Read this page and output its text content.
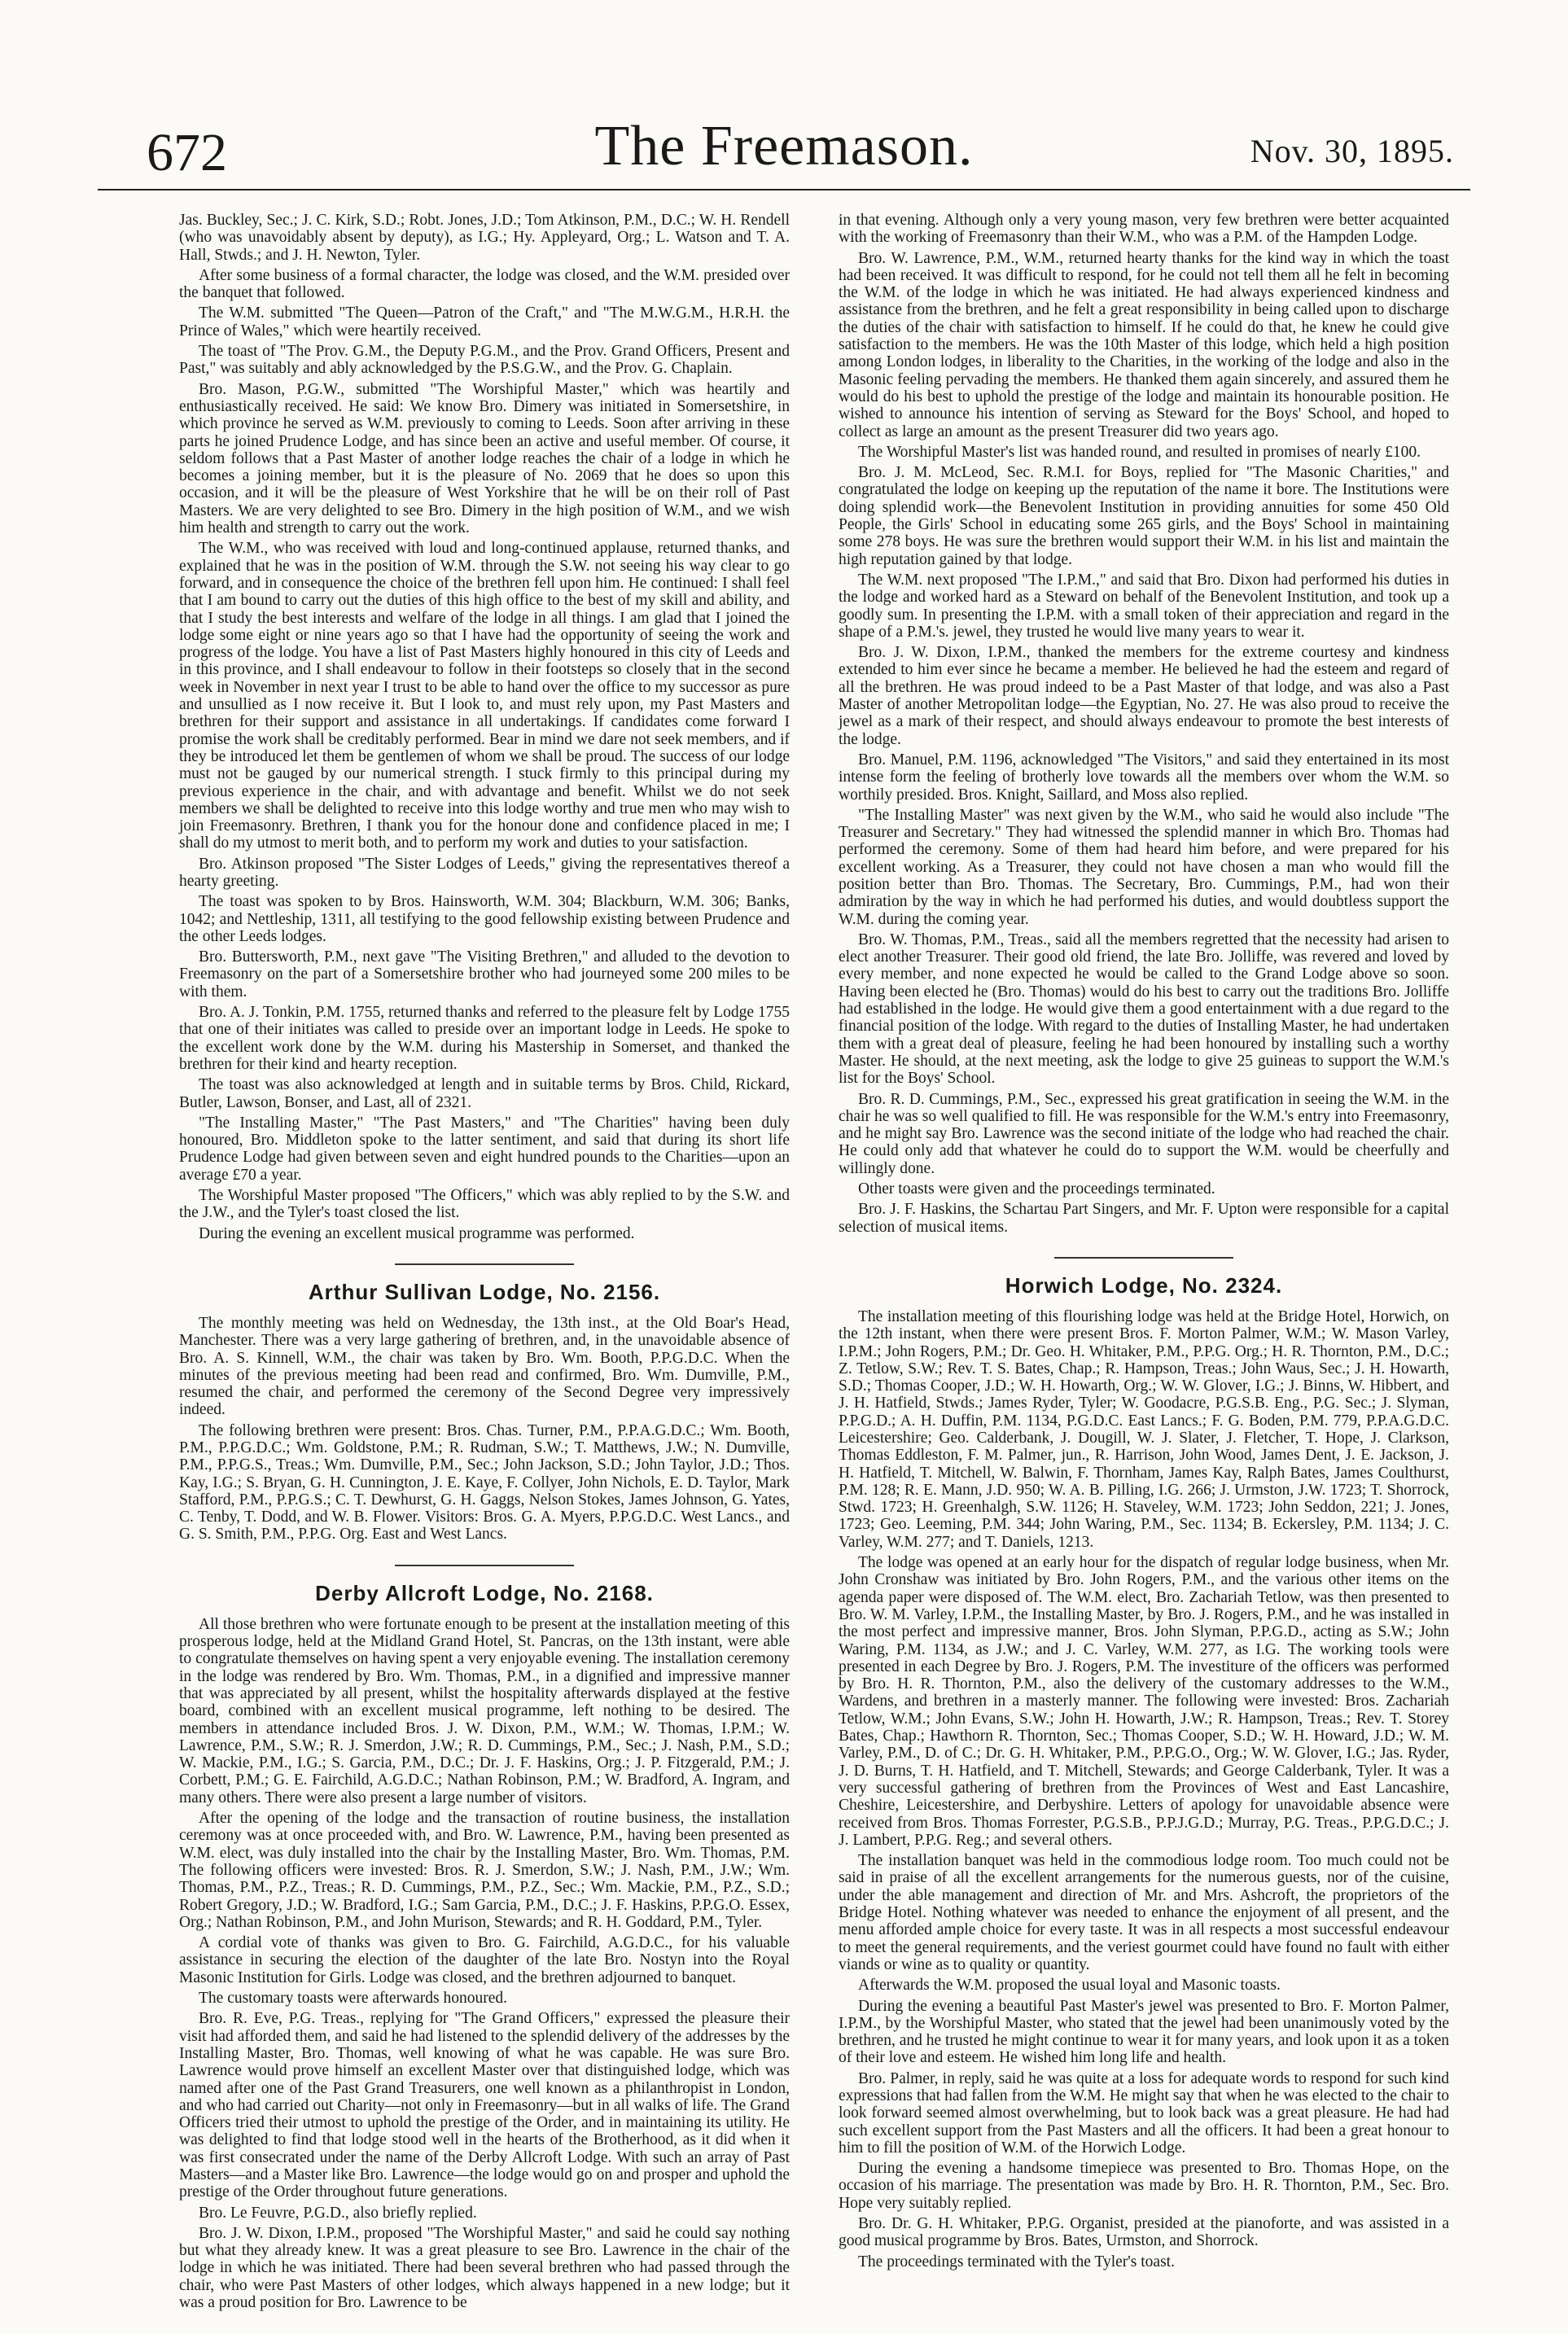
672	The Freemason.	Nov. 30, 1895.

Jas. Buckley, Sec.; J. C. Kirk, S.D.; Robt. Jones, J.D.; Tom Atkinson, P.M., D.C.; W. H. Rendell (who was unavoidably absent by deputy), as I.G.; Hy. Appleyard, Org.; L. Watson and T. A. Hall, Stwds.; and J. H. Newton, Tyler.

After some business of a formal character, the lodge was closed, and the W.M. presided over the banquet that followed.

The W.M. submitted "The Queen—Patron of the Craft," and "The M.W.G.M., H.R.H. the Prince of Wales," which were heartily received.

The toast of "The Prov. G.M., the Deputy P.G.M., and the Prov. Grand Officers, Present and Past," was suitably and ably acknowledged by the P.S.G.W., and the Prov. G. Chaplain.

Bro. Mason, P.G.W., submitted "The Worshipful Master," which was heartily and enthusiastically received. He said: We know Bro. Dimery was initiated in Somersetshire, in which province he served as W.M. previously to coming to Leeds. Soon after arriving in these parts he joined Prudence Lodge, and has since been an active and useful member. Of course, it seldom follows that a Past Master of another lodge reaches the chair of a lodge in which he becomes a joining member, but it is the pleasure of No. 2069 that he does so upon this occasion, and it will be the pleasure of West Yorkshire that he will be on their roll of Past Masters. We are very delighted to see Bro. Dimery in the high position of W.M., and we wish him health and strength to carry out the work.

The W.M., who was received with loud and long-continued applause, returned thanks, and explained that he was in the position of W.M. through the S.W. not seeing his way clear to go forward, and in consequence the choice of the brethren fell upon him. He continued: I shall feel that I am bound to carry out the duties of this high office to the best of my skill and ability, and that I study the best interests and welfare of the lodge in all things. I am glad that I joined the lodge some eight or nine years ago so that I have had the opportunity of seeing the work and progress of the lodge. You have a list of Past Masters highly honoured in this city of Leeds and in this province, and I shall endeavour to follow in their footsteps so closely that in the second week in November in next year I trust to be able to hand over the office to my successor as pure and unsullied as I now receive it. But I look to, and must rely upon, my Past Masters and brethren for their support and assistance in all undertakings. If candidates come forward I promise the work shall be creditably performed. Bear in mind we dare not seek members, and if they be introduced let them be gentlemen of whom we shall be proud. The success of our lodge must not be gauged by our numerical strength. I stuck firmly to this principal during my previous experience in the chair, and with advantage and benefit. Whilst we do not seek members we shall be delighted to receive into this lodge worthy and true men who may wish to join Freemasonry. Brethren, I thank you for the honour done and confidence placed in me; I shall do my utmost to merit both, and to perform my work and duties to your satisfaction.

Bro. Atkinson proposed "The Sister Lodges of Leeds," giving the representatives thereof a hearty greeting.

The toast was spoken to by Bros. Hainsworth, W.M. 304; Blackburn, W.M. 306; Banks, 1042; and Nettleship, 1311, all testifying to the good fellowship existing between Prudence and the other Leeds lodges.

Bro. Buttersworth, P.M., next gave "The Visiting Brethren," and alluded to the devotion to Freemasonry on the part of a Somersetshire brother who had journeyed some 200 miles to be with them.

Bro. A. J. Tonkin, P.M. 1755, returned thanks and referred to the pleasure felt by Lodge 1755 that one of their initiates was called to preside over an important lodge in Leeds. He spoke to the excellent work done by the W.M. during his Mastership in Somerset, and thanked the brethren for their kind and hearty reception.

The toast was also acknowledged at length and in suitable terms by Bros. Child, Rickard, Butler, Lawson, Bonser, and Last, all of 2321.

"The Installing Master," "The Past Masters," and "The Charities" having been duly honoured, Bro. Middleton spoke to the latter sentiment, and said that during its short life Prudence Lodge had given between seven and eight hundred pounds to the Charities—upon an average £70 a year.

The Worshipful Master proposed "The Officers," which was ably replied to by the S.W. and the J.W., and the Tyler's toast closed the list.

During the evening an excellent musical programme was performed.

Arthur Sullivan Lodge, No. 2156.

The monthly meeting was held on Wednesday, the 13th inst., at the Old Boar's Head, Manchester. There was a very large gathering of brethren, and, in the unavoidable absence of Bro. A. S. Kinnell, W.M., the chair was taken by Bro. Wm. Booth, P.P.G.D.C. When the minutes of the previous meeting had been read and confirmed, Bro. Wm. Dumville, P.M., resumed the chair, and performed the ceremony of the Second Degree very impressively indeed.

The following brethren were present: Bros. Chas. Turner, P.M., P.P.A.G.D.C.; Wm. Booth, P.M., P.P.G.D.C.; Wm. Goldstone, P.M.; R. Rudman, S.W.; T. Matthews, J.W.; N. Dumville, P.M., P.P.G.S., Treas.; Wm. Dumville, P.M., Sec.; John Jackson, S.D.; John Taylor, J.D.; Thos. Kay, I.G.; S. Bryan, G. H. Cunnington, J. E. Kaye, F. Collyer, John Nichols, E. D. Taylor, Mark Stafford, P.M., P.P.G.S.; C. T. Dewhurst, G. H. Gaggs, Nelson Stokes, James Johnson, G. Yates, C. Tenby, T. Dodd, and W. B. Flower. Visitors: Bros. G. A. Myers, P.P.G.D.C. West Lancs., and G. S. Smith, P.M., P.P.G. Org. East and West Lancs.

Derby Allcroft Lodge, No. 2168.

All those brethren who were fortunate enough to be present at the installation meeting of this prosperous lodge, held at the Midland Grand Hotel, St. Pancras, on the 13th instant, were able to congratulate themselves on having spent a very enjoyable evening. The installation ceremony in the lodge was rendered by Bro. Wm. Thomas, P.M., in a dignified and impressive manner that was appreciated by all present, whilst the hospitality afterwards displayed at the festive board, combined with an excellent musical programme, left nothing to be desired. The members in attendance included Bros. J. W. Dixon, P.M., W.M.; W. Thomas, I.P.M.; W. Lawrence, P.M., S.W.; R. J. Smerdon, J.W.; R. D. Cummings, P.M., Sec.; J. Nash, P.M., S.D.; W. Mackie, P.M., I.G.; S. Garcia, P.M., D.C.; Dr. J. F. Haskins, Org.; J. P. Fitzgerald, P.M.; J. Corbett, P.M.; G. E. Fairchild, A.G.D.C.; Nathan Robinson, P.M.; W. Bradford, A. Ingram, and many others. There were also present a large number of visitors.

After the opening of the lodge and the transaction of routine business, the installation ceremony was at once proceeded with, and Bro. W. Lawrence, P.M., having been presented as W.M. elect, was duly installed into the chair by the Installing Master, Bro. Wm. Thomas, P.M. The following officers were invested: Bros. R. J. Smerdon, S.W.; J. Nash, P.M., J.W.; Wm. Thomas, P.M., P.Z., Treas.; R. D. Cummings, P.M., P.Z., Sec.; Wm. Mackie, P.M., P.Z., S.D.; Robert Gregory, J.D.; W. Bradford, I.G.; Sam Garcia, P.M., D.C.; J. F. Haskins, P.P.G.O. Essex, Org.; Nathan Robinson, P.M., and John Murison, Stewards; and R. H. Goddard, P.M., Tyler.

A cordial vote of thanks was given to Bro. G. Fairchild, A.G.D.C., for his valuable assistance in securing the election of the daughter of the late Bro. Nostyn into the Royal Masonic Institution for Girls. Lodge was closed, and the brethren adjourned to banquet.

The customary toasts were afterwards honoured.

Bro. R. Eve, P.G. Treas., replying for "The Grand Officers," expressed the pleasure their visit had afforded them, and said he had listened to the splendid delivery of the addresses by the Installing Master, Bro. Thomas, well knowing of what he was capable. He was sure Bro. Lawrence would prove himself an excellent Master over that distinguished lodge, which was named after one of the Past Grand Treasurers, one well known as a philanthropist in London, and who had carried out Charity—not only in Freemasonry—but in all walks of life. The Grand Officers tried their utmost to uphold the prestige of the Order, and in maintaining its utility. He was delighted to find that lodge stood well in the hearts of the Brotherhood, as it did when it was first consecrated under the name of the Derby Allcroft Lodge. With such an array of Past Masters—and a Master like Bro. Lawrence—the lodge would go on and prosper and uphold the prestige of the Order throughout future generations.

Bro. Le Feuvre, P.G.D., also briefly replied.

Bro. J. W. Dixon, I.P.M., proposed "The Worshipful Master," and said he could say nothing but what they already knew. It was a great pleasure to see Bro. Lawrence in the chair of the lodge in which he was initiated. There had been several brethren who had passed through the chair, who were Past Masters of other lodges, which always happened in a new lodge; but it was a proud position for Bro. Lawrence to be

in that evening. Although only a very young mason, very few brethren were better acquainted with the working of Freemasonry than their W.M., who was a P.M. of the Hampden Lodge.

Bro. W. Lawrence, P.M., W.M., returned hearty thanks for the kind way in which the toast had been received. It was difficult to respond, for he could not tell them all he felt in becoming the W.M. of the lodge in which he was initiated. He had always experienced kindness and assistance from the brethren, and he felt a great responsibility in being called upon to discharge the duties of the chair with satisfaction to himself. If he could do that, he knew he could give satisfaction to the members. He was the 10th Master of this lodge, which held a high position among London lodges, in liberality to the Charities, in the working of the lodge and also in the Masonic feeling pervading the members. He thanked them again sincerely, and assured them he would do his best to uphold the prestige of the lodge and maintain its honourable position. He wished to announce his intention of serving as Steward for the Boys' School, and hoped to collect as large an amount as the present Treasurer did two years ago.

The Worshipful Master's list was handed round, and resulted in promises of nearly £100.

Bro. J. M. McLeod, Sec. R.M.I. for Boys, replied for "The Masonic Charities," and congratulated the lodge on keeping up the reputation of the name it bore. The Institutions were doing splendid work—the Benevolent Institution in providing annuities for some 450 Old People, the Girls' School in educating some 265 girls, and the Boys' School in maintaining some 278 boys. He was sure the brethren would support their W.M. in his list and maintain the high reputation gained by that lodge.

The W.M. next proposed "The I.P.M.," and said that Bro. Dixon had performed his duties in the lodge and worked hard as a Steward on behalf of the Benevolent Institution, and took up a goodly sum. In presenting the I.P.M. with a small token of their appreciation and regard in the shape of a P.M.'s. jewel, they trusted he would live many years to wear it.

Bro. J. W. Dixon, I.P.M., thanked the members for the extreme courtesy and kindness extended to him ever since he became a member. He believed he had the esteem and regard of all the brethren. He was proud indeed to be a Past Master of that lodge, and was also a Past Master of another Metropolitan lodge—the Egyptian, No. 27. He was also proud to receive the jewel as a mark of their respect, and should always endeavour to promote the best interests of the lodge.

Bro. Manuel, P.M. 1196, acknowledged "The Visitors," and said they entertained in its most intense form the feeling of brotherly love towards all the members over whom the W.M. so worthily presided. Bros. Knight, Saillard, and Moss also replied.

"The Installing Master" was next given by the W.M., who said he would also include "The Treasurer and Secretary." They had witnessed the splendid manner in which Bro. Thomas had performed the ceremony. Some of them had heard him before, and were prepared for his excellent working. As a Treasurer, they could not have chosen a man who would fill the position better than Bro. Thomas. The Secretary, Bro. Cummings, P.M., had won their admiration by the way in which he had performed his duties, and would doubtless support the W.M. during the coming year.

Bro. W. Thomas, P.M., Treas., said all the members regretted that the necessity had arisen to elect another Treasurer. Their good old friend, the late Bro. Jolliffe, was revered and loved by every member, and none expected he would be called to the Grand Lodge above so soon. Having been elected he (Bro. Thomas) would do his best to carry out the traditions Bro. Jolliffe had established in the lodge. He would give them a good entertainment with a due regard to the financial position of the lodge. With regard to the duties of Installing Master, he had undertaken them with a great deal of pleasure, feeling he had been honoured by installing such a worthy Master. He should, at the next meeting, ask the lodge to give 25 guineas to support the W.M.'s list for the Boys' School.

Bro. R. D. Cummings, P.M., Sec., expressed his great gratification in seeing the W.M. in the chair he was so well qualified to fill. He was responsible for the W.M.'s entry into Freemasonry, and he might say Bro. Lawrence was the second initiate of the lodge who had reached the chair. He could only add that whatever he could do to support the W.M. would be cheerfully and willingly done.

Other toasts were given and the proceedings terminated.

Bro. J. F. Haskins, the Schartau Part Singers, and Mr. F. Upton were responsible for a capital selection of musical items.

Horwich Lodge, No. 2324.

The installation meeting of this flourishing lodge was held at the Bridge Hotel, Horwich, on the 12th instant, when there were present Bros. F. Morton Palmer, W.M.; W. Mason Varley, I.P.M.; John Rogers, P.M.; Dr. Geo. H. Whitaker, P.M., P.P.G. Org.; H. R. Thornton, P.M., D.C.; Z. Tetlow, S.W.; Rev. T. S. Bates, Chap.; R. Hampson, Treas.; John Waus, Sec.; J. H. Howarth, S.D.; Thomas Cooper, J.D.; W. H. Howarth, Org.; W. W. Glover, I.G.; J. Binns, W. Hibbert, and J. H. Hatfield, Stwds.; James Ryder, Tyler; W. Goodacre, P.G.S.B. Eng., P.G. Sec.; J. Slyman, P.P.G.D.; A. H. Duffin, P.M. 1134, P.G.D.C. East Lancs.; F. G. Boden, P.M. 779, P.P.A.G.D.C. Leicestershire; Geo. Calderbank, J. Dougill, W. J. Slater, J. Fletcher, T. Hope, J. Clarkson, Thomas Eddleston, F. M. Palmer, jun., R. Harrison, John Wood, James Dent, J. E. Jackson, J. H. Hatfield, T. Mitchell, W. Balwin, F. Thornham, James Kay, Ralph Bates, James Coulthurst, P.M. 128; R. E. Mann, J.D. 950; W. A. B. Pilling, I.G. 266; J. Urmston, J.W. 1723; T. Shorrock, Stwd. 1723; H. Greenhalgh, S.W. 1126; H. Staveley, W.M. 1723; John Seddon, 221; J. Jones, 1723; Geo. Leeming, P.M. 344; John Waring, P.M., Sec. 1134; B. Eckersley, P.M. 1134; J. C. Varley, W.M. 277; and T. Daniels, 1213.

The lodge was opened at an early hour for the dispatch of regular lodge business, when Mr. John Cronshaw was initiated by Bro. John Rogers, P.M., and the various other items on the agenda paper were disposed of. The W.M. elect, Bro. Zachariah Tetlow, was then presented to Bro. W. M. Varley, I.P.M., the Installing Master, by Bro. J. Rogers, P.M., and he was installed in the most perfect and impressive manner, Bros. John Slyman, P.P.G.D., acting as S.W.; John Waring, P.M. 1134, as J.W.; and J. C. Varley, W.M. 277, as I.G. The working tools were presented in each Degree by Bro. J. Rogers, P.M. The investiture of the officers was performed by Bro. H. R. Thornton, P.M., also the delivery of the customary addresses to the W.M., Wardens, and brethren in a masterly manner. The following were invested: Bros. Zachariah Tetlow, W.M.; John Evans, S.W.; John H. Howarth, J.W.; R. Hampson, Treas.; Rev. T. Storey Bates, Chap.; Hawthorn R. Thornton, Sec.; Thomas Cooper, S.D.; W. H. Howard, J.D.; W. M. Varley, P.M., D. of C.; Dr. G. H. Whitaker, P.M., P.P.G.O., Org.; W. W. Glover, I.G.; Jas. Ryder, J. D. Burns, T. H. Hatfield, and T. Mitchell, Stewards; and George Calderbank, Tyler. It was a very successful gathering of brethren from the Provinces of West and East Lancashire, Cheshire, Leicestershire, and Derbyshire. Letters of apology for unavoidable absence were received from Bros. Thomas Forrester, P.G.S.B., P.P.J.G.D.; Murray, P.G. Treas., P.P.G.D.C.; J. J. Lambert, P.P.G. Reg.; and several others.

The installation banquet was held in the commodious lodge room. Too much could not be said in praise of all the excellent arrangements for the numerous guests, nor of the cuisine, under the able management and direction of Mr. and Mrs. Ashcroft, the proprietors of the Bridge Hotel. Nothing whatever was needed to enhance the enjoyment of all present, and the menu afforded ample choice for every taste. It was in all respects a most successful endeavour to meet the general requirements, and the veriest gourmet could have found no fault with either viands or wine as to quality or quantity.

Afterwards the W.M. proposed the usual loyal and Masonic toasts.

During the evening a beautiful Past Master's jewel was presented to Bro. F. Morton Palmer, I.P.M., by the Worshipful Master, who stated that the jewel had been unanimously voted by the brethren, and he trusted he might continue to wear it for many years, and look upon it as a token of their love and esteem. He wished him long life and health.

Bro. Palmer, in reply, said he was quite at a loss for adequate words to respond for such kind expressions that had fallen from the W.M. He might say that when he was elected to the chair to look forward seemed almost overwhelming, but to look back was a great pleasure. He had had such excellent support from the Past Masters and all the officers. It had been a great honour to him to fill the position of W.M. of the Horwich Lodge.

During the evening a handsome timepiece was presented to Bro. Thomas Hope, on the occasion of his marriage. The presentation was made by Bro. H. R. Thornton, P.M., Sec. Bro. Hope very suitably replied.

Bro. Dr. G. H. Whitaker, P.P.G. Organist, presided at the pianoforte, and was assisted in a good musical programme by Bros. Bates, Urmston, and Shorrock.

The proceedings terminated with the Tyler's toast.
